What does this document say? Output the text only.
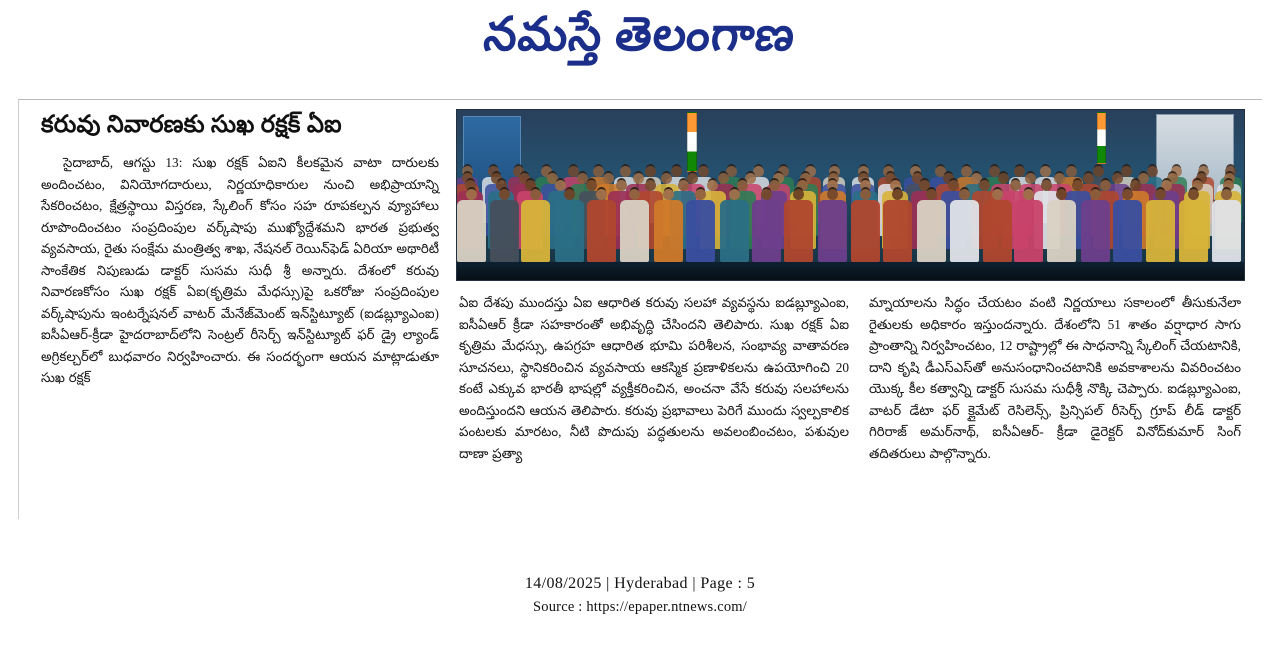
నమస్తే తెలంగాణ
కరువు నివారణకు సుఖ రక్షక్ ఏఐ

సైదాబాద్, ఆగస్టు 13: సుఖ రక్షక్ ఏఐని కీలకమైన వాటా దారులకు అందించటం, వినియోగదారులు, నిర్ణయాధికారుల నుంచి అభిప్రాయాన్ని సేకరించటం, క్షేత్రస్థాయి విస్తరణ, స్కేలింగ్ కోసం సహ రూపకల్పన వ్యూహాలు రూపొందించటం సంప్రదింపుల వర్క్‌షాపు ముఖ్యోద్దేశమని భారత ప్రభుత్వ వ్యవసాయ, రైతు సంక్షేమ మంత్రిత్వ శాఖ, నేషనల్ రెయిన్‌ఫెడ్ ఏరియా అథారిటీ సాంకేతిక నిపుణుడు డాక్టర్ సుసమ సుధీ శ్రీ అన్నారు. దేశంలో కరువు నివారణకోసం సుఖ రక్షక్ ఏఐ(కృత్రిమ మేధస్సు)పై ఒకరోజు సంప్రదింపుల వర్క్‌షాపును ఇంటర్నేషనల్ వాటర్ మేనేజ్‌మెంట్ ఇన్‌స్టిట్యూట్ (ఐడబ్ల్యూఎంఐ) ఐసీఏఆర్-క్రీడా హైదరాబాద్‌లోని సెంట్రల్ రీసెర్చ్ ఇన్‌స్టిట్యూట్ ఫర్ డ్రై ల్యాండ్ అగ్రికల్చర్‌లో బుధవారం నిర్వహించారు. ఈ సందర్భంగా ఆయన మాట్లాడుతూ సుఖ రక్షక్

ఏఐ దేశపు ముందస్తు ఏఐ ఆధారిత కరువు సలహా వ్యవస్థను ఐడబ్ల్యూఎంఐ, ఐసీఏఆర్ క్రీడా సహకారంతో అభివృద్ధి చేసిందని తెలిపారు. సుఖ రక్షక్ ఏఐ కృత్రిమ మేధస్సు, ఉపగ్రహ ఆధారిత భూమి పరిశీలన, సంభావ్య వాతావరణ సూచనలు, స్థానికరించిన వ్యవసాయ ఆకస్మిక ప్రణాళికలను ఉపయోగించి 20 కంటే ఎక్కువ భారతీ భాషల్లో వ్యక్తీకరించిన, అంచనా వేసే కరువు సలహాలను అందిస్తుందని ఆయన తెలిపారు. కరువు ప్రభావాలు పెరిగే ముందు స్వల్పకాలిక పంటలకు మారటం, నీటి పొదుపు పద్ధతులను అవలంబించటం, పశువుల దాణా ప్రత్యా

మ్నాయాలను సిద్ధం చేయటం వంటి నిర్ణయాలు సకాలంలో తీసుకునేలా రైతులకు అధికారం ఇస్తుందన్నారు. దేశంలోని 51 శాతం వర్షాధార సాగు ప్రాంతాన్ని నిర్వహించటం, 12 రాష్ట్రాల్లో ఈ సాధనాన్ని స్కేలింగ్ చేయటానికి, దాని కృషి డీఎస్ఎస్‌తో అనుసంధానించటానికి అవకాశాలను వివరించటం యొక్క కీల కత్వాన్ని డాక్టర్ సుసమ సుధీశ్రీ నొక్కి చెప్పారు. ఐడబ్ల్యూఎంఐ, వాటర్ డేటా ఫర్ క్లైమేట్ రెసిలెన్స్, ప్రిన్సిపల్ రీసెర్చ్ గ్రూప్ లీడ్ డాక్టర్ గిరిరాజ్ అమర్‌నాథ్, ఐసీఏఆర్- క్రీడా డైరెక్టర్ వినోద్‌కుమార్ సింగ్ తదితరులు పాల్గొన్నారు.

14/08/2025 | Hyderabad | Page : 5
Source : https://epaper.ntnews.com/
